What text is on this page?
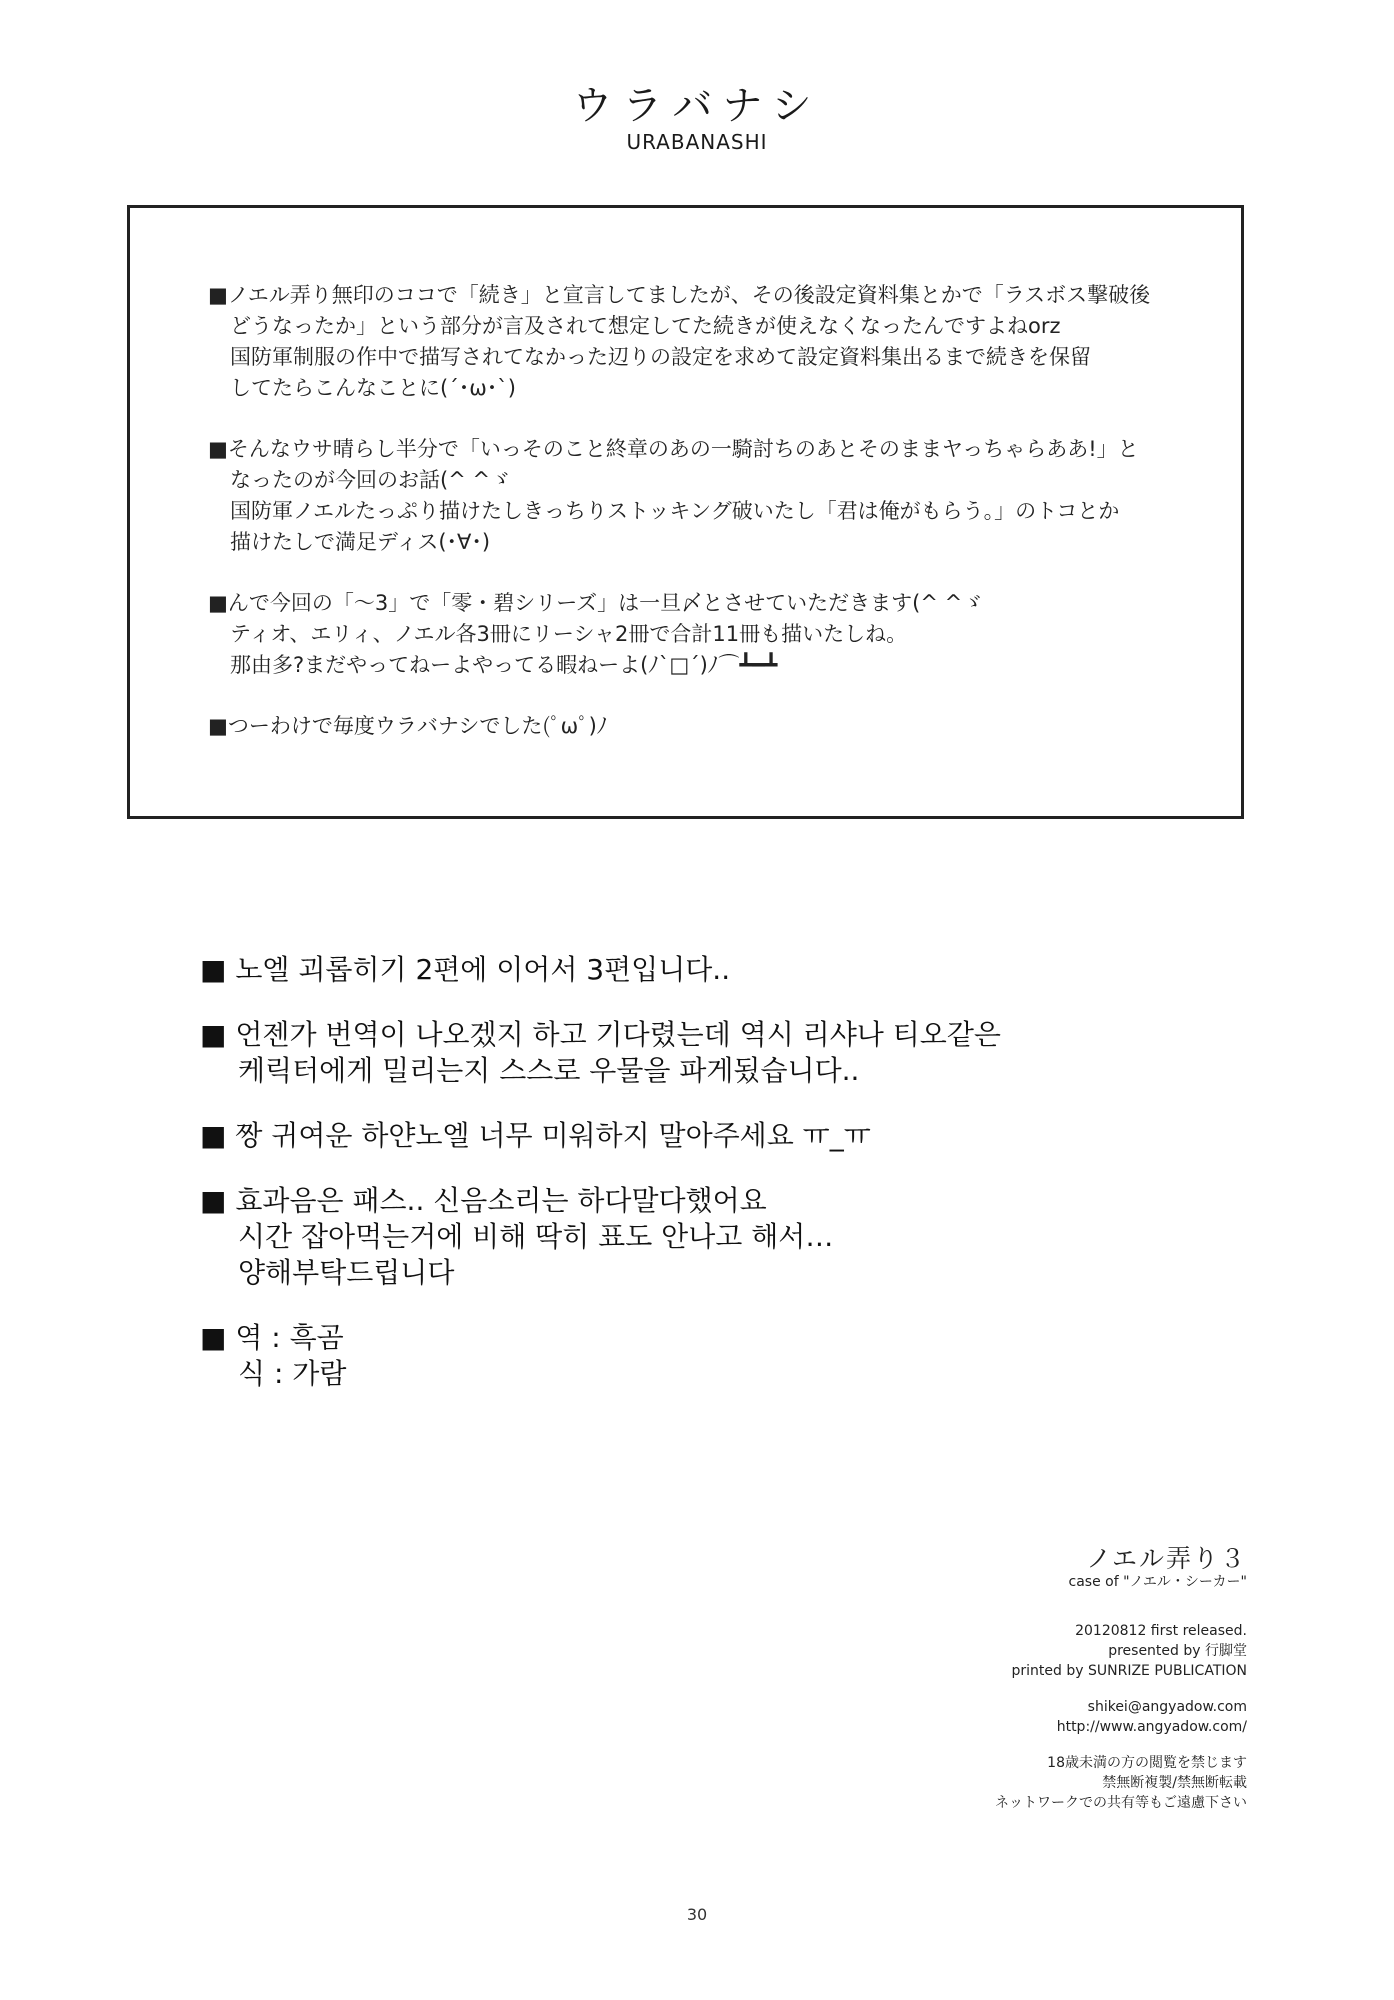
ウラバナシ
URABANASHI
■ノエル弄り無印のココで「続き」と宣言してましたが、その後設定資料集とかで「ラスボス撃破後
どうなったか」という部分が言及されて想定してた続きが使えなくなったんですよねorz
国防軍制服の作中で描写されてなかった辺りの設定を求めて設定資料集出るまで続きを保留
してたらこんなことに(´･ω･`)
■そんなウサ晴らし半分で「いっそのこと終章のあの一騎討ちのあとそのままヤっちゃらああ!」と
なったのが今回のお話(^ ^ゞ
国防軍ノエルたっぷり描けたしきっちりストッキング破いたし「君は俺がもらう。」のトコとか
描けたしで満足ディス(･∀･)
■んで今回の「～3」で「零・碧シリーズ」は一旦〆とさせていただきます(^ ^ゞ
ティオ、エリィ、ノエル各3冊にリーシャ2冊で合計11冊も描いたしね。
那由多?まだやってねーよやってる暇ねーよ(ﾉ`□´)ﾉ⌒┻━┻
■つーわけで毎度ウラバナシでした(ﾟωﾟ)ﾉ
■ 노엘 괴롭히기 2편에 이어서 3편입니다..
■ 언젠가 번역이 나오겠지 하고 기다렸는데 역시 리샤나 티오같은
케릭터에게 밀리는지 스스로 우물을 파게됬습니다..
■ 짱 귀여운 하얀노엘 너무 미워하지 말아주세요 ㅠ_ㅠ
■ 효과음은 패스.. 신음소리는 하다말다했어요
시간 잡아먹는거에 비해 딱히 표도 안나고 해서…
양해부탁드립니다
■ 역 : 흑곰
식 : 가람
ノエル弄り３
case of "ノエル・シーカー"
20120812 first released.
presented by 行脚堂
printed by SUNRIZE PUBLICATION
shikei@angyadow.com
http://www.angyadow.com/
18歳未満の方の閲覧を禁じます
禁無断複製/禁無断転載
ネットワークでの共有等もご遠慮下さい
30
